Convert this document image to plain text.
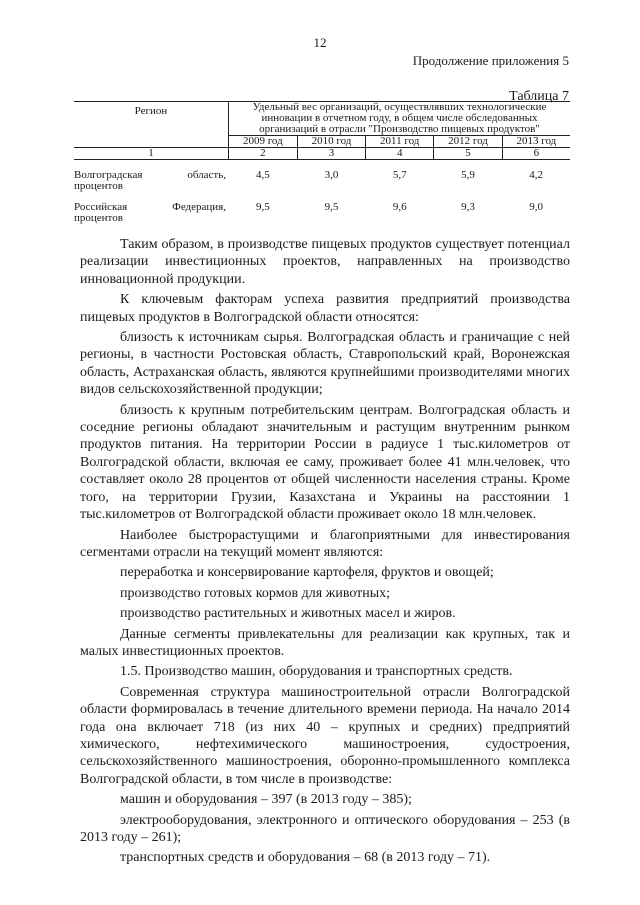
12
Продолжение приложения 5
Таблица 7
Регион	Удельный вес организаций, осуществлявших технологические инновации в отчетном году, в общем числе обследованных организаций в отрасли "Производство пищевых продуктов"				
	2009 год	2010 год	2011 год	2012 год	2013 год
1	2	3	4	5	6

Волгоградская область,
процентов	4,5	3,0	5,7	5,9	4,2

Российская Федерация,
процентов	9,5	9,5	9,6	9,3	9,0

Таким образом, в производстве пищевых продуктов существует потенциал реализации инвестиционных проектов, направленных на производство инновационной продукции.

К ключевым факторам успеха развития предприятий производства пищевых продуктов в Волгоградской области относятся:

близость к источникам сырья. Волгоградская область и граничащие с ней регионы, в частности Ростовская область, Ставропольский край, Воронежская область, Астраханская область, являются крупнейшими производителями многих видов сельскохозяйственной продукции;

близость к крупным потребительским центрам. Волгоградская область и соседние регионы обладают значительным и растущим внутренним рынком продуктов питания. На территории России в радиусе 1 тыс.километров от Волгоградской области, включая ее саму, проживает более 41 млн.человек, что составляет около 28 процентов от общей численности населения страны. Кроме того, на территории Грузии, Казахстана и Украины на расстоянии 1 тыс.километров от Волгоградской области проживает около 18 млн.человек.

Наиболее быстрорастущими и благоприятными для инвестирования сегментами отрасли на текущий момент являются:

переработка и консервирование картофеля, фруктов и овощей;

производство готовых кормов для животных;

производство растительных и животных масел и жиров.

Данные сегменты привлекательны для реализации как крупных, так и малых инвестиционных проектов.

1.5. Производство машин, оборудования и транспортных средств.

Современная структура машиностроительной отрасли Волгоградской области формировалась в течение длительного времени периода. На начало 2014 года она включает 718 (из них 40 – крупных и средних) предприятий химического, нефтехимического машиностроения, судостроения, сельскохозяйственного машиностроения, оборонно-промышленного комплекса Волгоградской области, в том числе в производстве:

машин и оборудования – 397 (в 2013 году – 385);

электрооборудования, электронного и оптического оборудования – 253 (в 2013 году – 261);

транспортных средств и оборудования – 68 (в 2013 году – 71).
